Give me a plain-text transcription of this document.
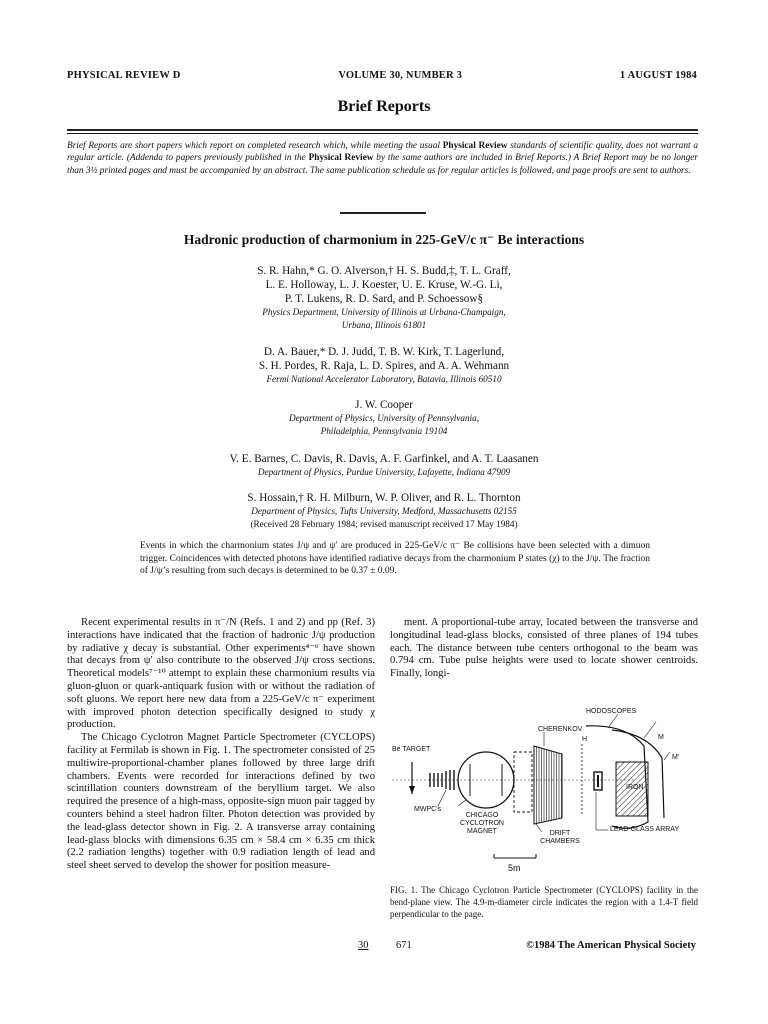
PHYSICAL REVIEW D	VOLUME 30, NUMBER 3	1 AUGUST 1984
Brief Reports
Brief Reports are short papers which report on completed research which, while meeting the usual Physical Review standards of scientific quality, does not warrant a regular article. (Addenda to papers previously published in the Physical Review by the same authors are included in Brief Reports.) A Brief Report may be no longer than 3½ printed pages and must be accompanied by an abstract. The same publication schedule as for regular articles is followed, and page proofs are sent to authors.
Hadronic production of charmonium in 225-GeV/c π⁻ Be interactions
S. R. Hahn,* G. O. Alverson,† H. S. Budd,‡, T. L. Graff,
L. E. Holloway, L. J. Koester, U. E. Kruse, W.-G. Li,
P. T. Lukens, R. D. Sard, and P. Schoessow§
Physics Department, University of Illinois at Urbana-Champaign,
Urbana, Illinois 61801
D. A. Bauer,* D. J. Judd, T. B. W. Kirk, T. Lagerlund,
S. H. Pordes, R. Raja, L. D. Spires, and A. A. Wehmann
Fermi National Accelerator Laboratory, Batavia, Illinois 60510
J. W. Cooper
Department of Physics, University of Pennsylvania,
Philadelphia, Pennsylvania 19104
V. E. Barnes, C. Davis, R. Davis, A. F. Garfinkel, and A. T. Laasanen
Department of Physics, Purdue University, Lafayette, Indiana 47909
S. Hossain,† R. H. Milburn, W. P. Oliver, and R. L. Thornton
Department of Physics, Tufts University, Medford, Massachusetts 02155
(Received 28 February 1984; revised manuscript received 17 May 1984)
Events in which the charmonium states J/ψ and ψ′ are produced in 225-GeV/c π⁻ Be collisions have been selected with a dimuon trigger. Coincidences with detected photons have identified radiative decays from the charmonium P states (χ) to the J/ψ. The fraction of J/ψ’s resulting from such decays is determined to be 0.37 ± 0.09.

Recent experimental results in π⁻/N (Refs. 1 and 2) and pp (Ref. 3) interactions have indicated that the fraction of hadronic J/ψ production by radiative χ decay is substantial. Other experiments⁴⁻⁶ have shown that decays from ψ′ also contribute to the observed J/ψ cross sections. Theoretical models⁷⁻¹⁰ attempt to explain these charmonium results via gluon-gluon or quark-antiquark fusion with or without the radiation of soft gluons. We report here new data from a 225-GeV/c π⁻ experiment with improved photon detection specifically designed to study χ production.

The Chicago Cyclotron Magnet Particle Spectrometer (CYCLOPS) facility at Fermilab is shown in Fig. 1. The spectrometer consisted of 25 multiwire-proportional-chamber planes followed by three large drift chambers. Events were recorded for interactions defined by two scintillation counters downstream of the beryllium target. We also required the presence of a high-mass, opposite-sign muon pair tagged by counters behind a steel hadron filter. Photon detection was provided by the lead-glass detector shown in Fig. 2. A transverse array containing lead-glass blocks with dimensions 6.35 cm × 58.4 cm × 6.35 cm thick (2.2 radiation lengths) together with 0.9 radiation length of lead and steel sheet served to develop the shower for position measure-

ment. A proportional-tube array, located between the transverse and longitudinal lead-glass blocks, consisted of three planes of 194 tubes each. The distance between tube centers orthogonal to the beam was 0.794 cm. Tube pulse heights were used to locate shower centroids. Finally, longi-

HODOSCOPES
CHERENKOV
H	M
M′
Be TARGET
IRON
MWPC’s
CHICAGO
CYCLOTRON
MAGNET	DRIFT
CHAMBERS
LEAD-GLASS ARRAY
5m
FIG. 1. The Chicago Cyclotron Particle Spectrometer (CYCLOPS) facility in the bend-plane view. The 4.9-m-diameter circle indicates the region with a 1.4-T field perpendicular to the page.
30	671	©1984 The American Physical Society
